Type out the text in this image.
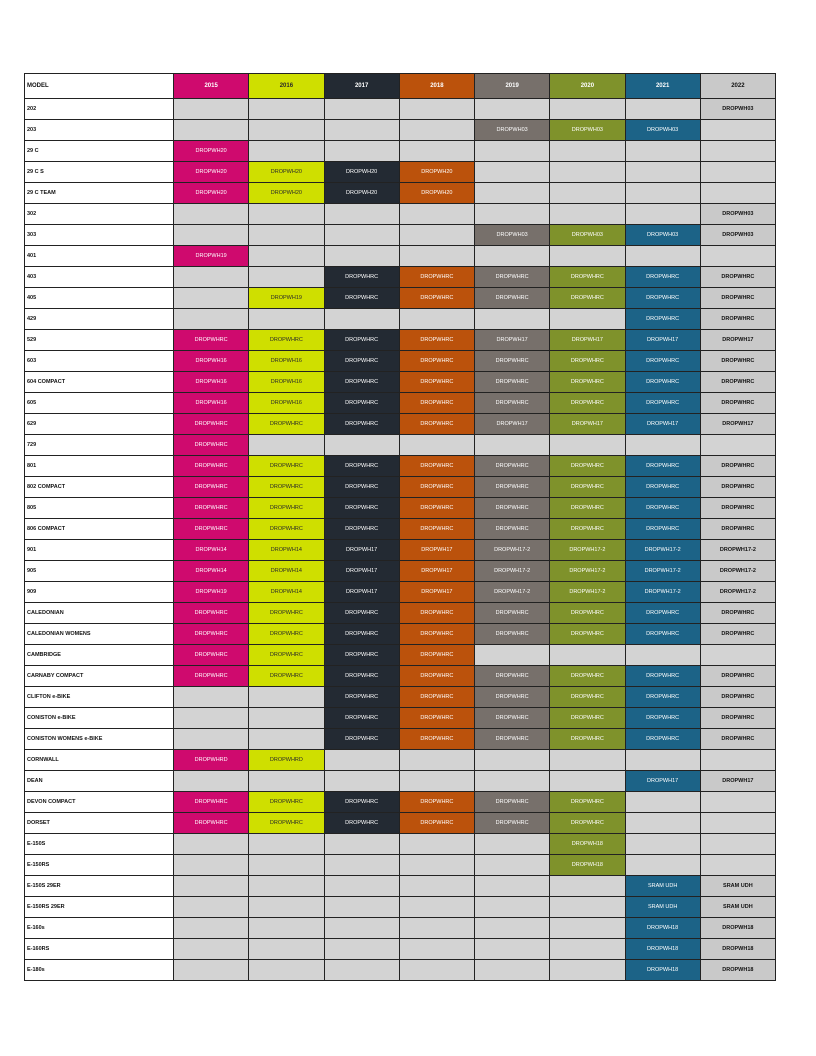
MODEL	2015	2016	2017	2018	2019	2020	2021	2022
202								DROPWH03
203					DROPWH03	DROPWH03	DROPWH03	
29 C	DROPWH20							
29 C S	DROPWH20	DROPWH20	DROPWH20	DROPWH20				
29 C TEAM	DROPWH20	DROPWH20	DROPWH20	DROPWH20				
302								DROPWH03
303					DROPWH03	DROPWH03	DROPWH03	DROPWH03
401	DROPWH19							
403			DROPWHRC	DROPWHRC	DROPWHRC	DROPWHRC	DROPWHRC	DROPWHRC
405		DROPWH19	DROPWHRC	DROPWHRC	DROPWHRC	DROPWHRC	DROPWHRC	DROPWHRC
429							DROPWHRC	DROPWHRC
529	DROPWHRC	DROPWHRC	DROPWHRC	DROPWHRC	DROPWH17	DROPWH17	DROPWH17	DROPWH17
603	DROPWH16	DROPWH16	DROPWHRC	DROPWHRC	DROPWHRC	DROPWHRC	DROPWHRC	DROPWHRC
604 COMPACT	DROPWH16	DROPWH16	DROPWHRC	DROPWHRC	DROPWHRC	DROPWHRC	DROPWHRC	DROPWHRC
605	DROPWH16	DROPWH16	DROPWHRC	DROPWHRC	DROPWHRC	DROPWHRC	DROPWHRC	DROPWHRC
629	DROPWHRC	DROPWHRC	DROPWHRC	DROPWHRC	DROPWH17	DROPWH17	DROPWH17	DROPWH17
729	DROPWHRC							
801	DROPWHRC	DROPWHRC	DROPWHRC	DROPWHRC	DROPWHRC	DROPWHRC	DROPWHRC	DROPWHRC
802 COMPACT	DROPWHRC	DROPWHRC	DROPWHRC	DROPWHRC	DROPWHRC	DROPWHRC	DROPWHRC	DROPWHRC
805	DROPWHRC	DROPWHRC	DROPWHRC	DROPWHRC	DROPWHRC	DROPWHRC	DROPWHRC	DROPWHRC
806 COMPACT	DROPWHRC	DROPWHRC	DROPWHRC	DROPWHRC	DROPWHRC	DROPWHRC	DROPWHRC	DROPWHRC
901	DROPWH14	DROPWH14	DROPWH17	DROPWH17	DROPWH17-2	DROPWH17-2	DROPWH17-2	DROPWH17-2
905	DROPWH14	DROPWH14	DROPWH17	DROPWH17	DROPWH17-2	DROPWH17-2	DROPWH17-2	DROPWH17-2
909	DROPWH19	DROPWH14	DROPWH17	DROPWH17	DROPWH17-2	DROPWH17-2	DROPWH17-2	DROPWH17-2
CALEDONIAN	DROPWHRC	DROPWHRC	DROPWHRC	DROPWHRC	DROPWHRC	DROPWHRC	DROPWHRC	DROPWHRC
CALEDONIAN WOMENS	DROPWHRC	DROPWHRC	DROPWHRC	DROPWHRC	DROPWHRC	DROPWHRC	DROPWHRC	DROPWHRC
CAMBRIDGE	DROPWHRC	DROPWHRC	DROPWHRC	DROPWHRC				
CARNABY COMPACT	DROPWHRC	DROPWHRC	DROPWHRC	DROPWHRC	DROPWHRC	DROPWHRC	DROPWHRC	DROPWHRC
CLIFTON e-BIKE			DROPWHRC	DROPWHRC	DROPWHRC	DROPWHRC	DROPWHRC	DROPWHRC
CONISTON e-BIKE			DROPWHRC	DROPWHRC	DROPWHRC	DROPWHRC	DROPWHRC	DROPWHRC
CONISTON WOMENS e-BIKE			DROPWHRC	DROPWHRC	DROPWHRC	DROPWHRC	DROPWHRC	DROPWHRC
CORNWALL	DROPWHRD	DROPWHRD						
DEAN							DROPWH17	DROPWH17
DEVON COMPACT	DROPWHRC	DROPWHRC	DROPWHRC	DROPWHRC	DROPWHRC	DROPWHRC		
DORSET	DROPWHRC	DROPWHRC	DROPWHRC	DROPWHRC	DROPWHRC	DROPWHRC		
E-150S						DROPWH18		
E-150RS						DROPWH18		
E-150S 29ER							SRAM UDH	SRAM UDH
E-150RS 29ER							SRAM UDH	SRAM UDH
E-160s							DROPWH18	DROPWH18
E-160RS							DROPWH18	DROPWH18
E-180s							DROPWH18	DROPWH18
